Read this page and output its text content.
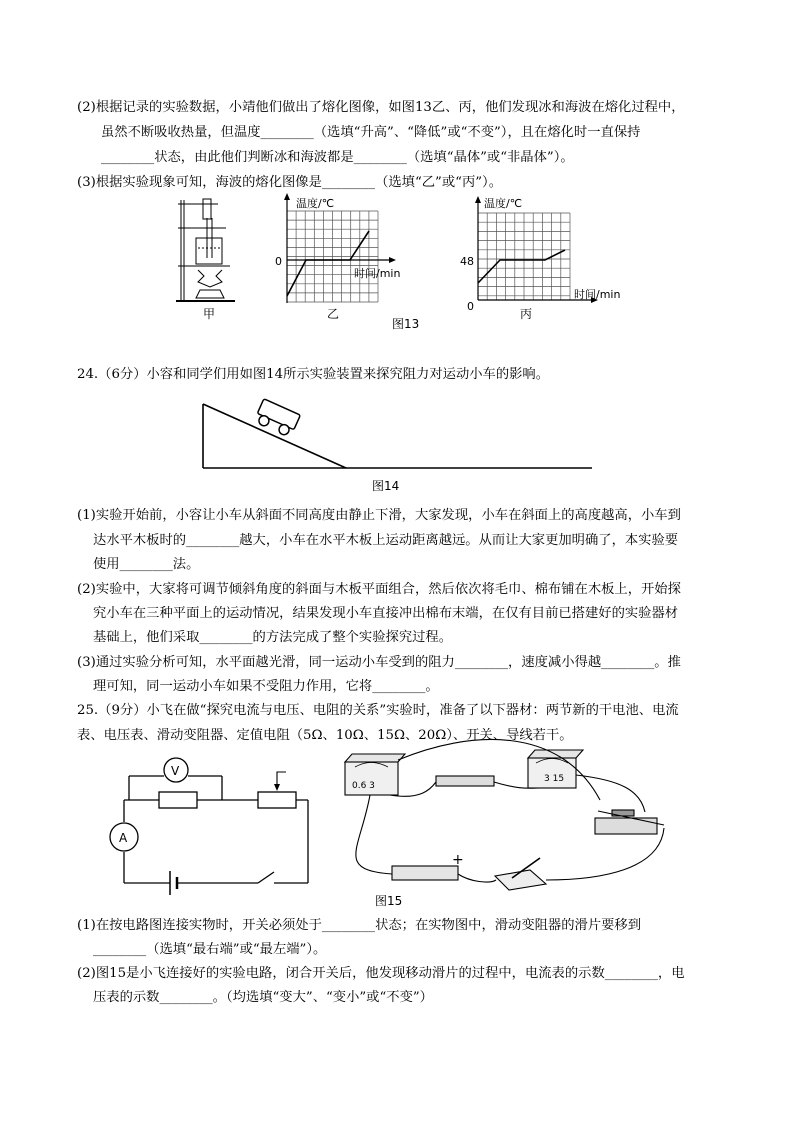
(2)根据记录的实验数据，小靖他们做出了熔化图像，如图13乙、丙，他们发现冰和海波在熔化过程中，
虽然不断吸收热量，但温度________（选填“升高”、“降低”或“不变”），且在熔化时一直保持
________状态，由此他们判断冰和海波都是________（选填“晶体”或“非晶体”）。
(3)根据实验现象可知，海波的熔化图像是________（选填“乙”或“丙”）。
甲
温度/℃
0
时间/min
乙
温度/℃
48
0
时间/min
丙
图13
24.（6分）小容和同学们用如图14所示实验装置来探究阻力对运动小车的影响。
图14
(1)实验开始前，小容让小车从斜面不同高度由静止下滑，大家发现，小车在斜面上的高度越高，小车到
达水平木板时的________越大，小车在水平木板上运动距离越远。从而让大家更加明确了，本实验要
使用________法。
(2)实验中，大家将可调节倾斜角度的斜面与木板平面组合，然后依次将毛巾、棉布铺在木板上，开始探
究小车在三种平面上的运动情况，结果发现小车直接冲出棉布末端，在仅有目前已搭建好的实验器材
基础上，他们采取________的方法完成了整个实验探究过程。
(3)通过实验分析可知，水平面越光滑，同一运动小车受到的阻力________，速度减小得越________。推
理可知，同一运动小车如果不受阻力作用，它将________。
25.（9分）小飞在做“探究电流与电压、电阻的关系”实验时，准备了以下器材：两节新的干电池、电流
表、电压表、滑动变阻器、定值电阻（5Ω、10Ω、15Ω、20Ω）、开关、导线若干。
V
A
0.6 3
3 15
+
图15
(1)在按电路图连接实物时，开关必须处于________状态；在实物图中，滑动变阻器的滑片要移到
________（选填“最右端”或“最左端”）。
(2)图15是小飞连接好的实验电路，闭合开关后，他发现移动滑片的过程中，电流表的示数________，电
压表的示数________。（均选填“变大”、“变小”或“不变”）
